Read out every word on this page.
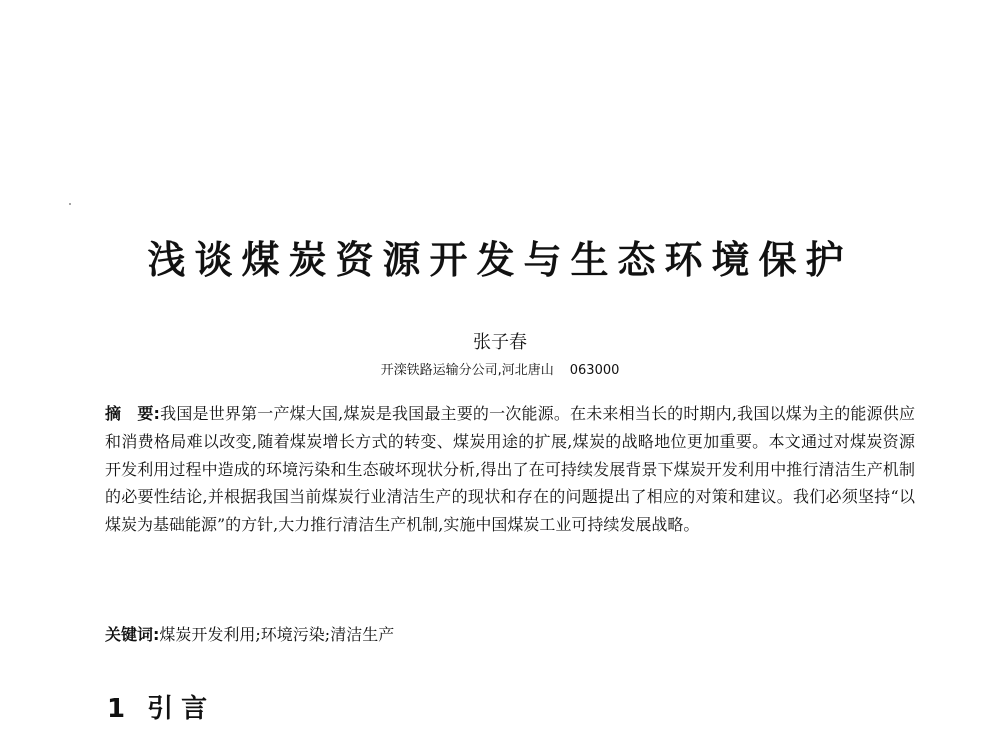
浅谈煤炭资源开发与生态环境保护
张子春
开滦铁路运输分公司,河北唐山 063000
摘 要:我国是世界第一产煤大国,煤炭是我国最主要的一次能源。在未来相当长的时期内,我国以煤为主的能源供应和消费格局难以改变,随着煤炭增长方式的转变、煤炭用途的扩展,煤炭的战略地位更加重要。本文通过对煤炭资源开发利用过程中造成的环境污染和生态破坏现状分析,得出了在可持续发展背景下煤炭开发利用中推行清洁生产机制的必要性结论,并根据我国当前煤炭行业清洁生产的现状和存在的问题提出了相应的对策和建议。我们必须坚持“以煤炭为基础能源”的方针,大力推行清洁生产机制,实施中国煤炭工业可持续发展战略。
关键词:煤炭开发利用;环境污染;清洁生产
1 引言
